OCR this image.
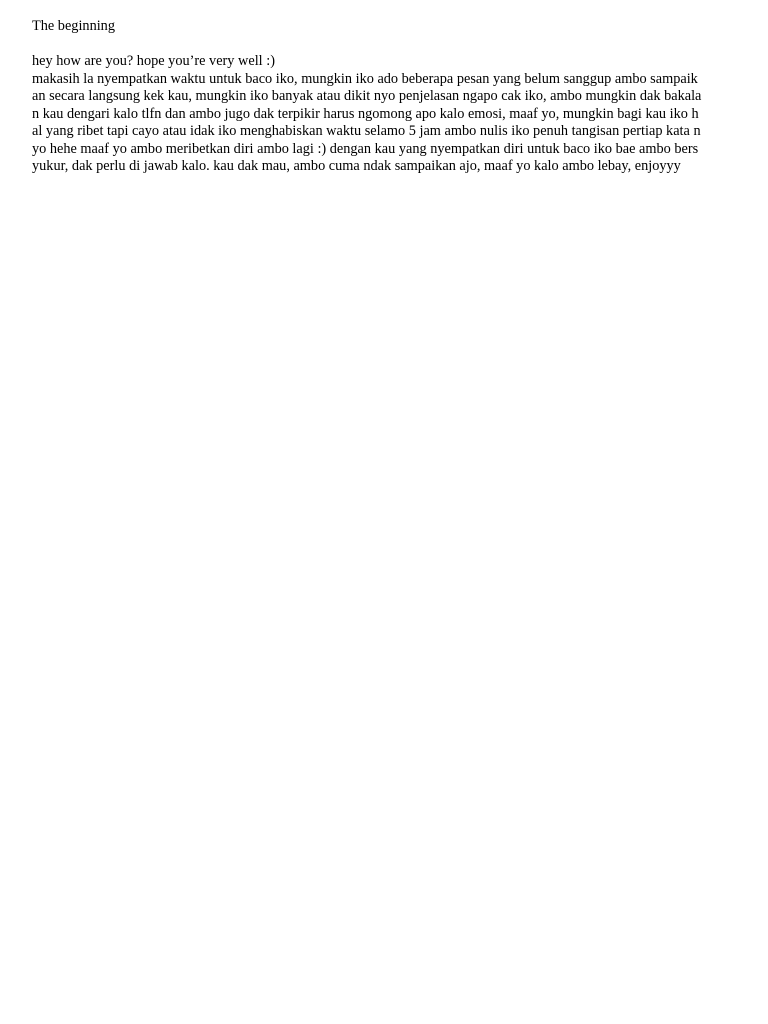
The beginning
hey how are you? hope you’re very well :)
makasih la nyempatkan waktu untuk baco iko, mungkin iko ado beberapa pesan yang belum sanggup ambo sampaik
an secara langsung kek kau, mungkin iko banyak atau dikit nyo penjelasan ngapo cak iko, ambo mungkin dak bakala
n kau dengari kalo tlfn dan ambo jugo dak terpikir harus ngomong apo kalo emosi, maaf yo, mungkin bagi kau iko h
al yang ribet tapi cayo atau idak iko menghabiskan waktu selamo 5 jam ambo nulis iko penuh tangisan pertiap kata n
yo hehe maaf yo ambo meribetkan diri ambo lagi :) dengan kau yang nyempatkan diri untuk baco iko bae ambo bers
yukur, dak perlu di jawab kalo. kau dak mau, ambo cuma ndak sampaikan ajo, maaf yo kalo ambo lebay, enjoyyy
